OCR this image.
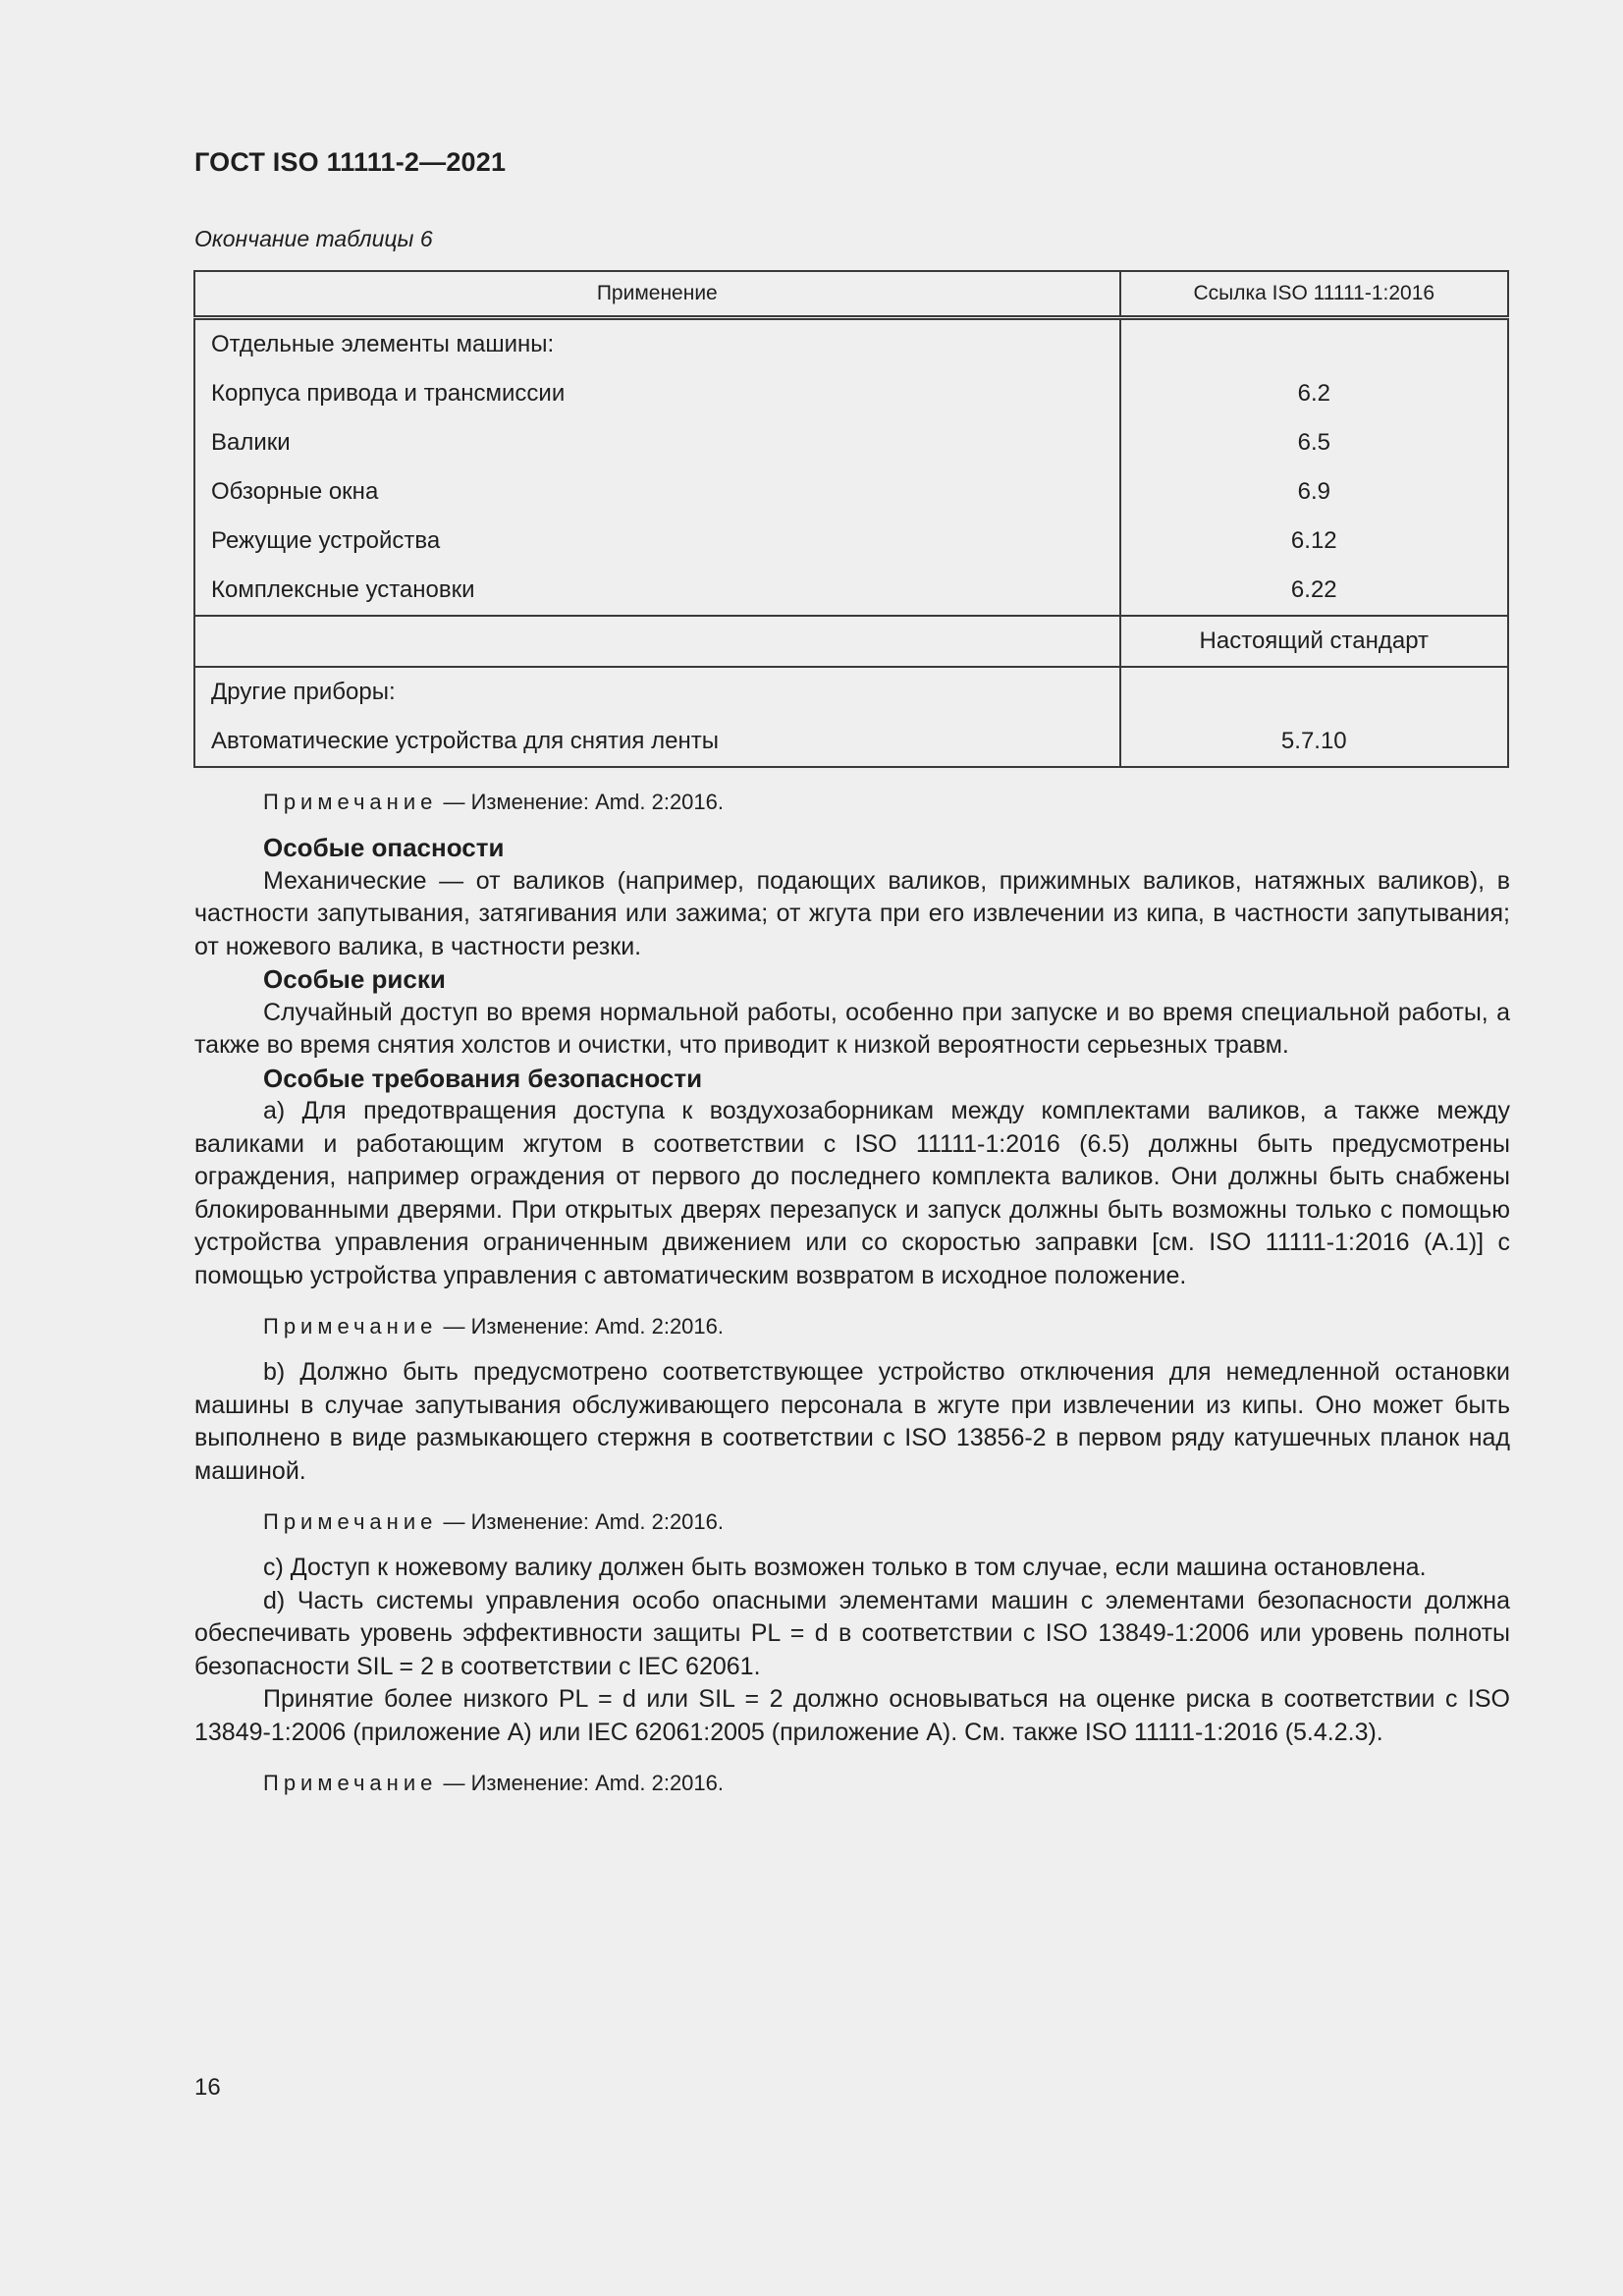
ГОСТ ISO 11111-2—2021
Окончание таблицы 6
Применение	Ссылка ISO 11111-1:2016
Отдельные элементы машины:	
Корпуса привода и трансмиссии	6.2
Валики	6.5
Обзорные окна	6.9
Режущие устройства	6.12
Комплексные установки	6.22
	Настоящий стандарт
Другие приборы:	
Автоматические устройства для снятия ленты	5.7.10

Примечание — Изменение: Amd. 2:2016.

Особые опасности

Механические — от валиков (например, подающих валиков, прижимных валиков, натяжных валиков), в частности запутывания, затягивания или зажима; от жгута при его извлечении из кипа, в частности запутывания; от ножевого валика, в частности резки.

Особые риски

Случайный доступ во время нормальной работы, особенно при запуске и во время специальной работы, а также во время снятия холстов и очистки, что приводит к низкой вероятности серьезных травм.

Особые требования безопасности

a) Для предотвращения доступа к воздухозаборникам между комплектами валиков, а также между валиками и работающим жгутом в соответствии с ISO 11111-1:2016 (6.5) должны быть предусмотрены ограждения, например ограждения от первого до последнего комплекта валиков. Они должны быть снабжены блокированными дверями. При открытых дверях перезапуск и запуск должны быть возможны только с помощью устройства управления ограниченным движением или со скоростью заправки [см. ISO 11111-1:2016 (A.1)] с помощью устройства управления с автоматическим возвратом в исходное положение.

Примечание — Изменение: Amd. 2:2016.

b) Должно быть предусмотрено соответствующее устройство отключения для немедленной остановки машины в случае запутывания обслуживающего персонала в жгуте при извлечении из кипы. Оно может быть выполнено в виде размыкающего стержня в соответствии с ISO 13856-2 в первом ряду катушечных планок над машиной.

Примечание — Изменение: Amd. 2:2016.

c) Доступ к ножевому валику должен быть возможен только в том случае, если машина остановлена.

d) Часть системы управления особо опасными элементами машин с элементами безопасности должна обеспечивать уровень эффективности защиты PL = d в соответствии с ISO 13849-1:2006 или уровень полноты безопасности SIL = 2 в соответствии с IEC 62061.

Принятие более низкого PL = d или SIL = 2 должно основываться на оценке риска в соответствии с ISO 13849-1:2006 (приложение A) или IEC 62061:2005 (приложение A). См. также ISO 11111-1:2016 (5.4.2.3).

Примечание — Изменение: Amd. 2:2016.

16
